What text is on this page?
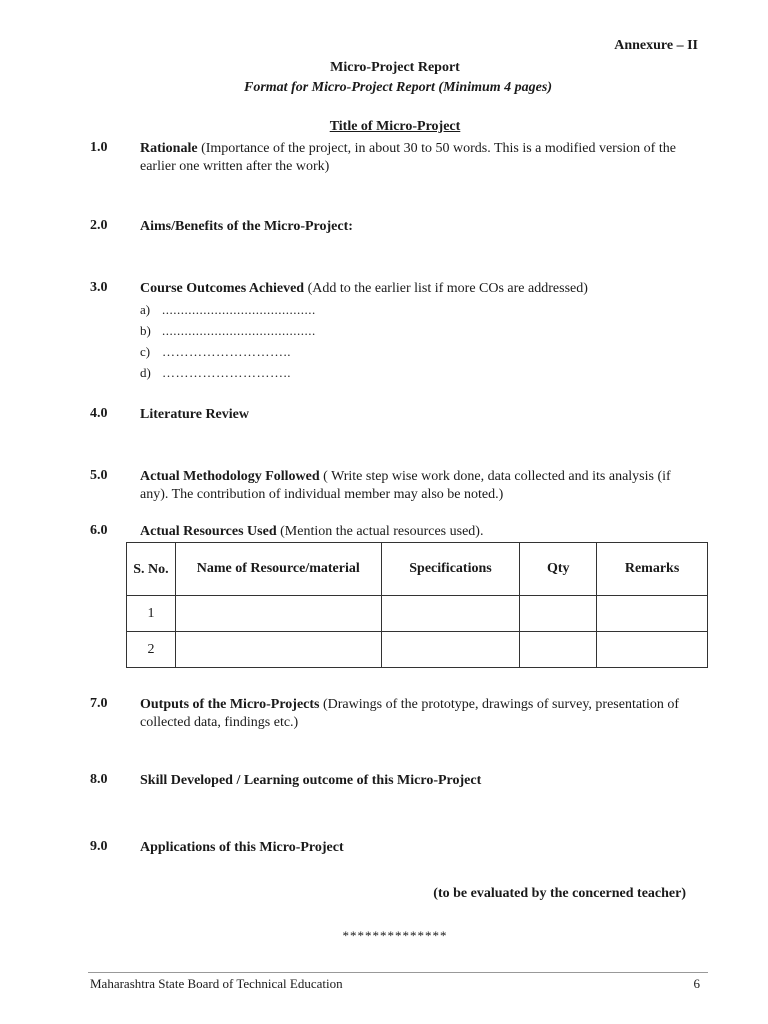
Annexure – II
Micro-Project Report
Format for Micro-Project Report (Minimum 4 pages)
Title of Micro-Project
1.0 Rationale (Importance of the project, in about 30 to 50 words. This is a modified version of the earlier one written after the work)
2.0 Aims/Benefits of the Micro-Project:
3.0 Course Outcomes Achieved (Add to the earlier list if more COs are addressed)
a) .........................................
b) .........................................
c) ………………………..
d) ………………………..
4.0 Literature Review
5.0 Actual Methodology Followed ( Write step wise work done, data collected and its analysis (if any). The contribution of individual member may also be noted.)
6.0 Actual Resources Used (Mention the actual resources used).
S. No.	Name of Resource/material	Specifications	Qty	Remarks
1				
2				
7.0 Outputs of the Micro-Projects (Drawings of the prototype, drawings of survey, presentation of collected data, findings etc.)
8.0 Skill Developed / Learning outcome of this Micro-Project
9.0 Applications of this Micro-Project
(to be evaluated by the concerned teacher)
**************
Maharashtra State Board of Technical Education	6
